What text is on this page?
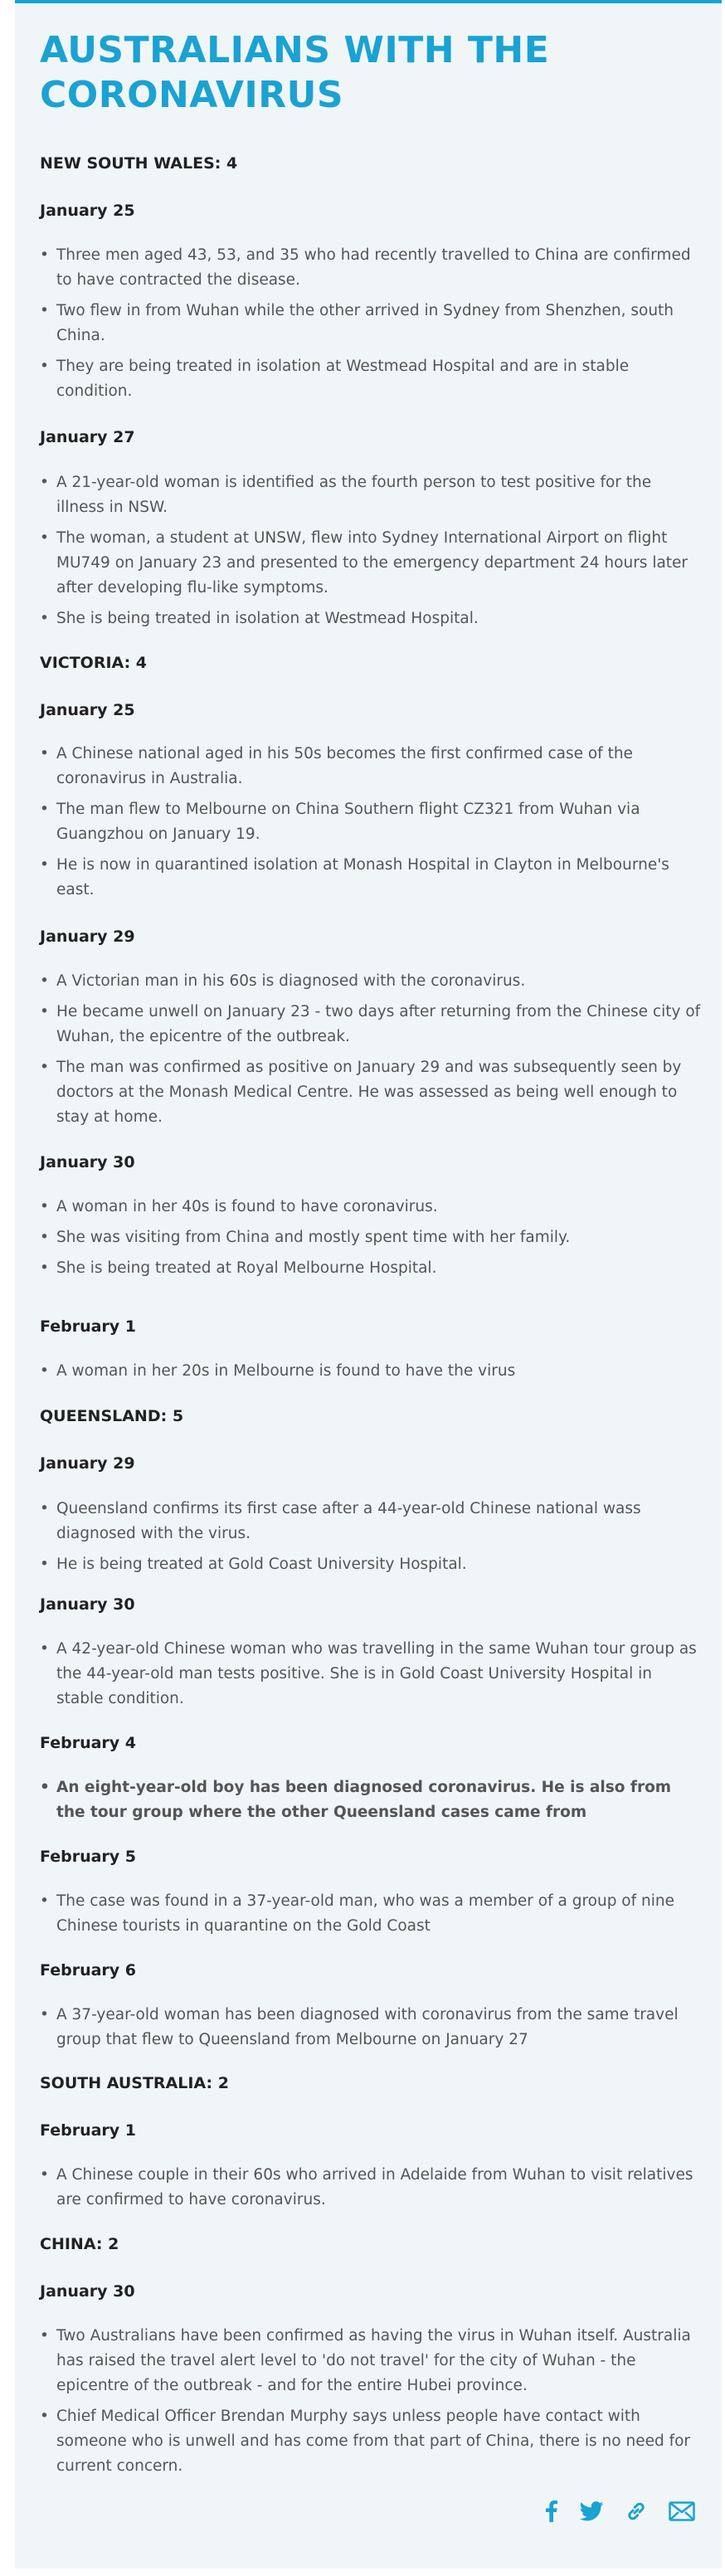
AUSTRALIANS WITH THE CORONAVIRUS
NEW SOUTH WALES: 4
January 25
• Three men aged 43, 53, and 35 who had recently travelled to China are confirmed to have contracted the disease.
• Two flew in from Wuhan while the other arrived in Sydney from Shenzhen, south China.
• They are being treated in isolation at Westmead Hospital and are in stable condition.
January 27
• A 21-year-old woman is identified as the fourth person to test positive for the illness in NSW.
• The woman, a student at UNSW, flew into Sydney International Airport on flight MU749 on January 23 and presented to the emergency department 24 hours later after developing flu-like symptoms.
• She is being treated in isolation at Westmead Hospital.
VICTORIA: 4
January 25
• A Chinese national aged in his 50s becomes the first confirmed case of the coronavirus in Australia.
• The man flew to Melbourne on China Southern flight CZ321 from Wuhan via Guangzhou on January 19.
• He is now in quarantined isolation at Monash Hospital in Clayton in Melbourne's east.
January 29
• A Victorian man in his 60s is diagnosed with the coronavirus.
• He became unwell on January 23 - two days after returning from the Chinese city of Wuhan, the epicentre of the outbreak.
• The man was confirmed as positive on January 29 and was subsequently seen by doctors at the Monash Medical Centre. He was assessed as being well enough to stay at home.
January 30
• A woman in her 40s is found to have coronavirus.
• She was visiting from China and mostly spent time with her family.
• She is being treated at Royal Melbourne Hospital.
February 1
• A woman in her 20s in Melbourne is found to have the virus
QUEENSLAND: 5
January 29
• Queensland confirms its first case after a 44-year-old Chinese national wass diagnosed with the virus.
• He is being treated at Gold Coast University Hospital.
January 30
• A 42-year-old Chinese woman who was travelling in the same Wuhan tour group as the 44-year-old man tests positive. She is in Gold Coast University Hospital in stable condition.
February 4
• An eight-year-old boy has been diagnosed coronavirus. He is also from the tour group where the other Queensland cases came from
February 5
• The case was found in a 37-year-old man, who was a member of a group of nine Chinese tourists in quarantine on the Gold Coast
February 6
• A 37-year-old woman has been diagnosed with coronavirus from the same travel group that flew to Queensland from Melbourne on January 27
SOUTH AUSTRALIA: 2
February 1
• A Chinese couple in their 60s who arrived in Adelaide from Wuhan to visit relatives are confirmed to have coronavirus.
CHINA: 2
January 30
• Two Australians have been confirmed as having the virus in Wuhan itself. Australia has raised the travel alert level to 'do not travel' for the city of Wuhan - the epicentre of the outbreak - and for the entire Hubei province.
• Chief Medical Officer Brendan Murphy says unless people have contact with someone who is unwell and has come from that part of China, there is no need for current concern.
